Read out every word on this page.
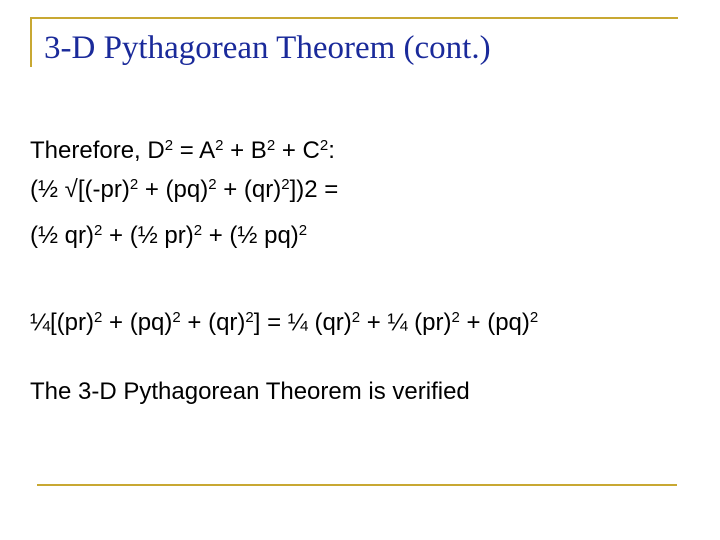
3-D Pythagorean Theorem (cont.)
Therefore, $D^2 = A^2 + B^2 + C^2$:
(½ $√[(-pr)^2 + (pq)^2 + (qr)^2])2$ =
(½ qr)$^2$ + (½ pr)$^2$ + (½ pq)$^2$
¼[(pr)$^2$ + (pq)$^2$ + (qr)$^2$] = ¼ (qr)$^2$ + ¼ (pr)$^2$ + (pq)$^2$
The 3-D Pythagorean Theorem is verified
